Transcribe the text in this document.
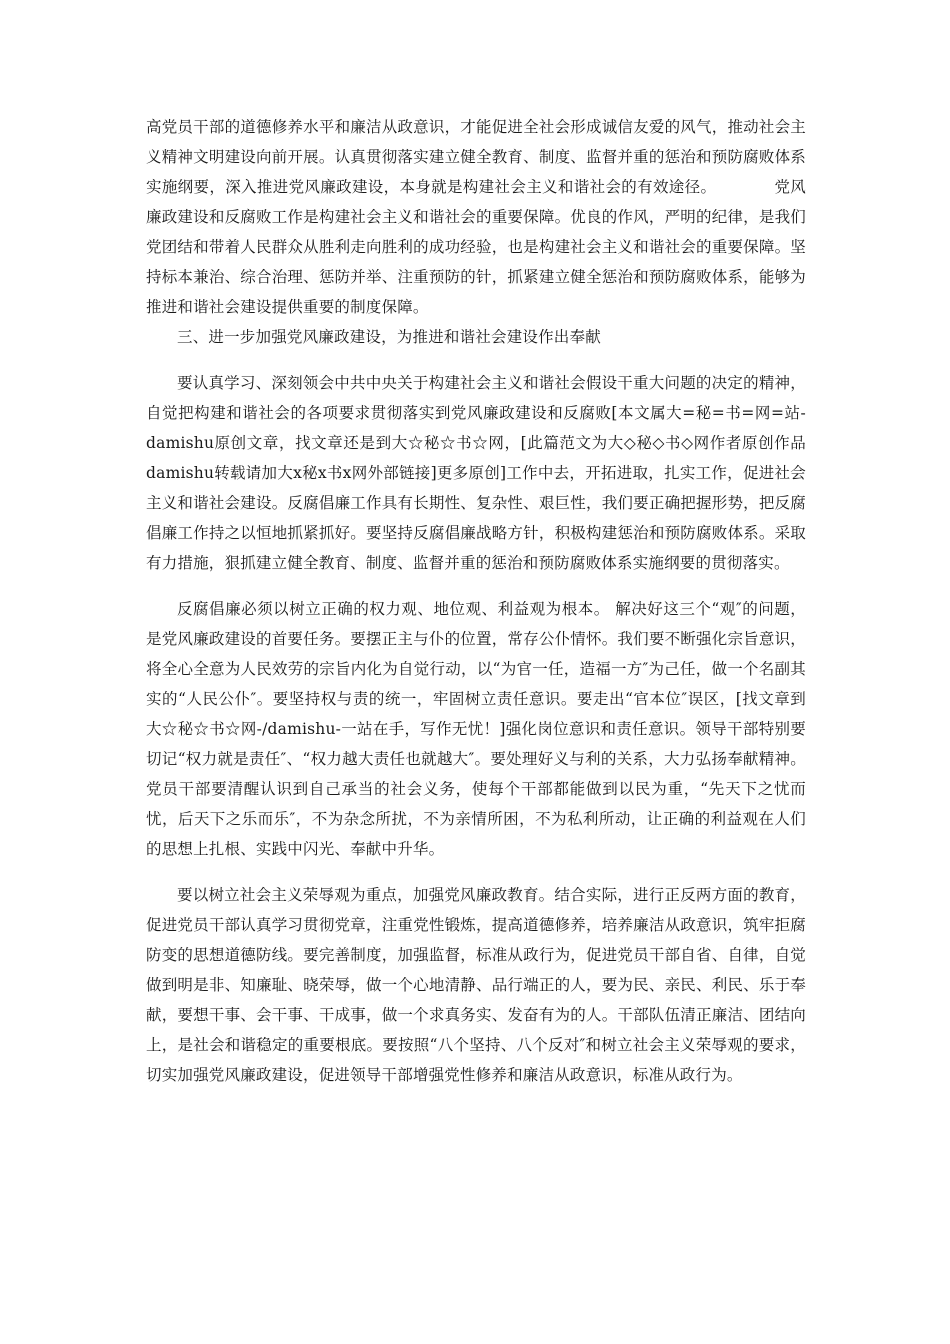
高党员干部的道德修养水平和廉洁从政意识，才能促进全社会形成诚信友爱的风气，推动社会主义精神文明建设向前开展。认真贯彻落实建立健全教育、制度、监督并重的惩治和预防腐败体系实施纲要，深入推进党风廉政建设，本身就是构建社会主义和谐社会的有效途径。	党风廉政建设和反腐败工作是构建社会主义和谐社会的重要保障。优良的作风，严明的纪律，是我们党团结和带着人民群众从胜利走向胜利的成功经验，也是构建社会主义和谐社会的重要保障。坚持标本兼治、综合治理、惩防并举、注重预防的针，抓紧建立健全惩治和预防腐败体系，能够为推进和谐社会建设提供重要的制度保障。

三、进一步加强党风廉政建设，为推进和谐社会建设作出奉献

要认真学习、深刻领会中共中央关于构建社会主义和谐社会假设干重大问题的决定的精神，自觉把构建和谐社会的各项要求贯彻落实到党风廉政建设和反腐败[本文属大=秘=书=网=站-damishu原创文章，找文章还是到大☆秘☆书☆网，[此篇范文为大◇秘◇书◇网作者原创作品damishu转载请加大x秘x书x网外部链接]更多原创]工作中去，开拓进取，扎实工作，促进社会主义和谐社会建设。反腐倡廉工作具有长期性、复杂性、艰巨性，我们要正确把握形势，把反腐倡廉工作持之以恒地抓紧抓好。要坚持反腐倡廉战略方针，积极构建惩治和预防腐败体系。采取有力措施，狠抓建立健全教育、制度、监督并重的惩治和预防腐败体系实施纲要的贯彻落实。

反腐倡廉必须以树立正确的权力观、地位观、利益观为根本。 解决好这三个“观″的问题，是党风廉政建设的首要任务。要摆正主与仆的位置，常存公仆情怀。我们要不断强化宗旨意识，将全心全意为人民效劳的宗旨内化为自觉行动，以“为官一任，造福一方″为己任，做一个名副其实的“人民公仆″。要坚持权与责的统一，牢固树立责任意识。要走出“官本位″误区，[找文章到大☆秘☆书☆网-/damishu-一站在手，写作无忧！]强化岗位意识和责任意识。领导干部特别要切记“权力就是责任″、“权力越大责任也就越大″。要处理好义与利的关系，大力弘扬奉献精神。党员干部要清醒认识到自己承当的社会义务，使每个干部都能做到以民为重，“先天下之忧而忧，后天下之乐而乐″，不为杂念所扰，不为亲情所困，不为私利所动，让正确的利益观在人们的思想上扎根、实践中闪光、奉献中升华。

要以树立社会主义荣辱观为重点，加强党风廉政教育。结合实际，进行正反两方面的教育，促进党员干部认真学习贯彻党章，注重党性锻炼，提高道德修养，培养廉洁从政意识，筑牢拒腐防变的思想道德防线。要完善制度，加强监督，标准从政行为，促进党员干部自省、自律，自觉做到明是非、知廉耻、晓荣辱，做一个心地清静、品行端正的人，要为民、亲民、利民、乐于奉献，要想干事、会干事、干成事，做一个求真务实、发奋有为的人。干部队伍清正廉洁、团结向上，是社会和谐稳定的重要根底。要按照“八个坚持、八个反对″和树立社会主义荣辱观的要求，切实加强党风廉政建设，促进领导干部增强党性修养和廉洁从政意识，标准从政行为。
